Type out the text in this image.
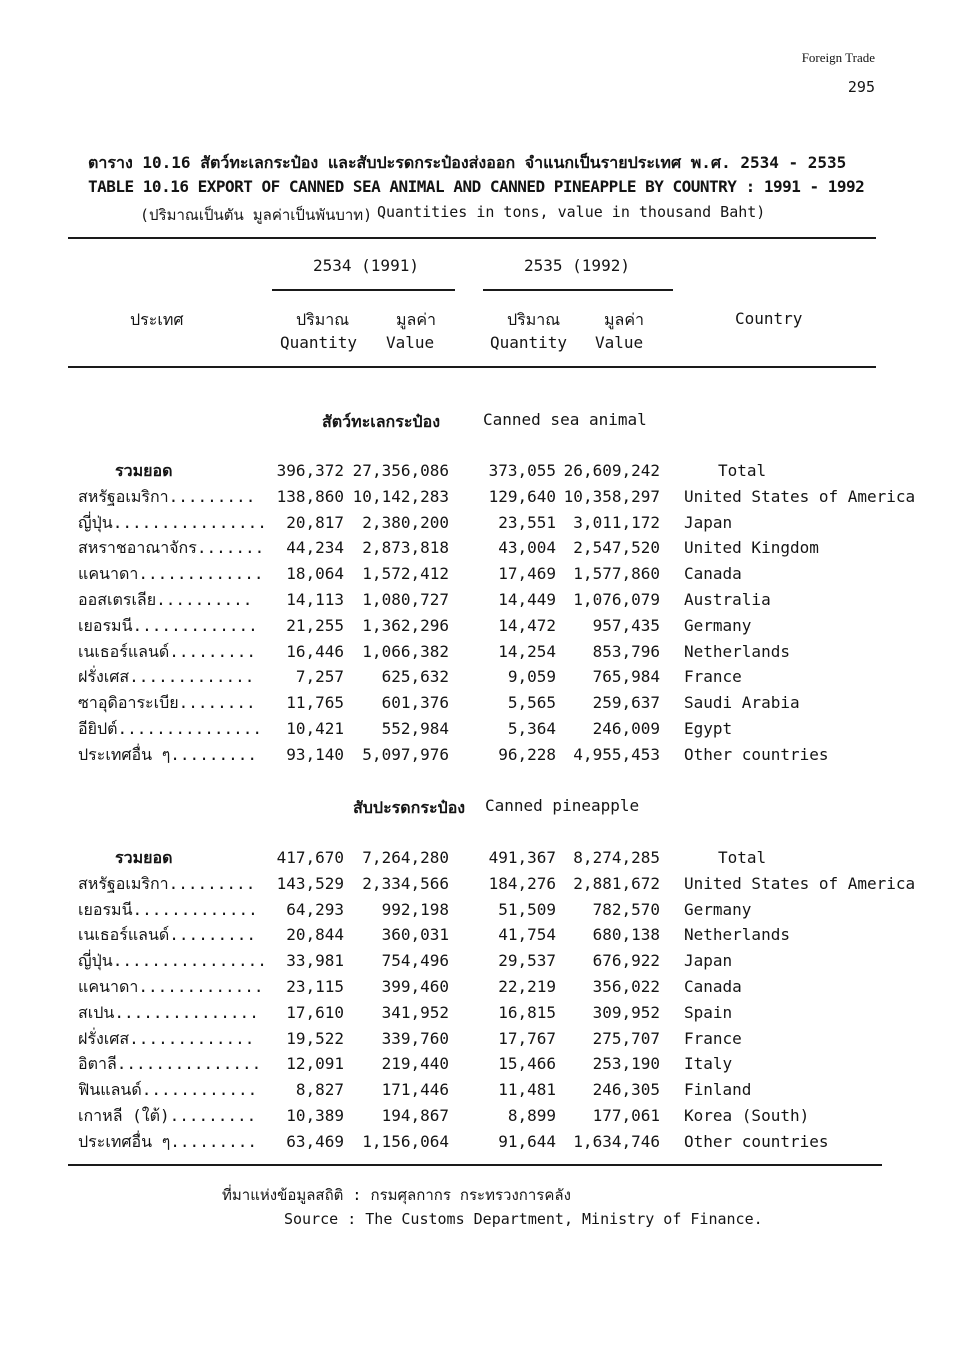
Foreign Trade
295
ตาราง 10.16 สัตว์ทะเลกระป๋อง และสับปะรดกระป๋องส่งออก จำแนกเป็นรายประเทศ พ.ศ. 2534 - 2535
TABLE 10.16 EXPORT OF CANNED SEA ANIMAL AND CANNED PINEAPPLE BY COUNTRY : 1991 - 1992
(ปริมาณเป็นตัน มูลค่าเป็นพันบาท) Quantities in tons, value in thousand Baht)
2534 (1991)	2535 (1992)
ประเทศ	ปริมาณ	มูลค่า	ปริมาณ	มูลค่า	Country
Quantity Value	Quantity Value
สัตว์ทะเลกระป๋อง	Canned sea animal
รวมยอด	396,372 27,356,086 373,055 26,609,242	Total
สหรัฐอเมริกา......... 138,860 10,142,283 129,640 10,358,297 United States of America
ญี่ปุ่น................ 20,817 2,380,200	23,551 3,011,172 Japan
สหราชอาณาจักร....... 44,234 2,873,818	43,004 2,547,520 United Kingdom
แคนาดา............. 18,064 1,572,412	17,469 1,577,860 Canada
ออสเตรเลีย.......... 14,113 1,080,727	14,449 1,076,079 Australia
เยอรมนี............. 21,255 1,362,296	14,472 957,435 Germany
เนเธอร์แลนด์......... 16,446 1,066,382	14,254 853,796 Netherlands
ฝรั่งเศส.............	7,257 625,632	9,059 765,984 France
ซาอุดิอาระเบีย........ 11,765 601,376	5,565 259,637 Saudi Arabia
อียิปต์............... 10,421 552,984	5,364 246,009 Egypt
ประเทศอื่น ๆ......... 93,140 5,097,976	96,228 4,955,453 Other countries
สับปะรดกระป๋อง Canned pineapple
รวมยอด	417,670 7,264,280 491,367 8,274,285	Total
สหรัฐอเมริกา......... 143,529 2,334,566 184,276 2,881,672 United States of America
เยอรมนี............. 64,293 992,198	51,509 782,570 Germany
เนเธอร์แลนด์......... 20,844 360,031	41,754 680,138 Netherlands
ญี่ปุ่น................ 33,981 754,496	29,537 676,922 Japan
แคนาดา............. 23,115 399,460	22,219 356,022 Canada
สเปน............... 17,610 341,952	16,815 309,952 Spain
ฝรั่งเศส............. 19,522 339,760	17,767 275,707 France
อิตาลี............... 12,091 219,440	15,466 253,190 Italy
ฟินแลนด์............ 8,827 171,446	11,481 246,305 Finland
เกาหลี (ใต้)......... 10,389 194,867	8,899 177,061 Korea (South)
ประเทศอื่น ๆ......... 63,469 1,156,064	91,644 1,634,746 Other countries
ที่มาแห่งข้อมูลสถิติ : กรมศุลกากร กระทรวงการคลัง
Source : The Customs Department, Ministry of Finance.
